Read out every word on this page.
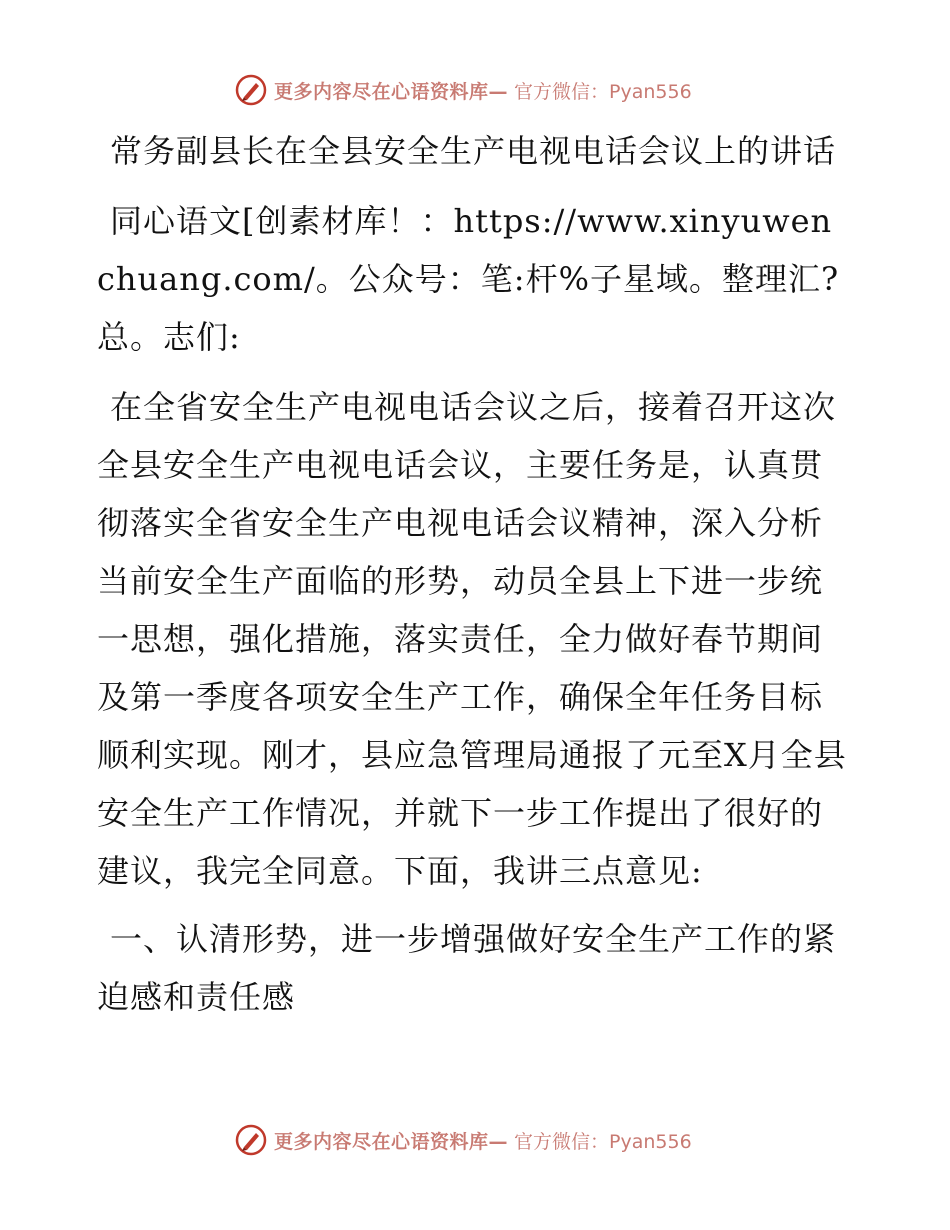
更多内容尽在心语资料库— 官方微信：Pyan556

常务副县长在全县安全生产电视电话会议上的讲话

同心语文[创素材库！：https://www.xinyuwenchuang.com/。公众号：笔:杆%子星域。整理汇?总。志们:

在全省安全生产电视电话会议之后，接着召开这次全县安全生产电视电话会议，主要任务是，认真贯彻落实全省安全生产电视电话会议精神，深入分析当前安全生产面临的形势，动员全县上下进一步统一思想，强化措施，落实责任，全力做好春节期间及第一季度各项安全生产工作，确保全年任务目标顺利实现。刚才，县应急管理局通报了元至X月全县安全生产工作情况，并就下一步工作提出了很好的建议，我完全同意。下面，我讲三点意见:

一、认清形势，进一步增强做好安全生产工作的紧迫感和责任感

更多内容尽在心语资料库— 官方微信：Pyan556
